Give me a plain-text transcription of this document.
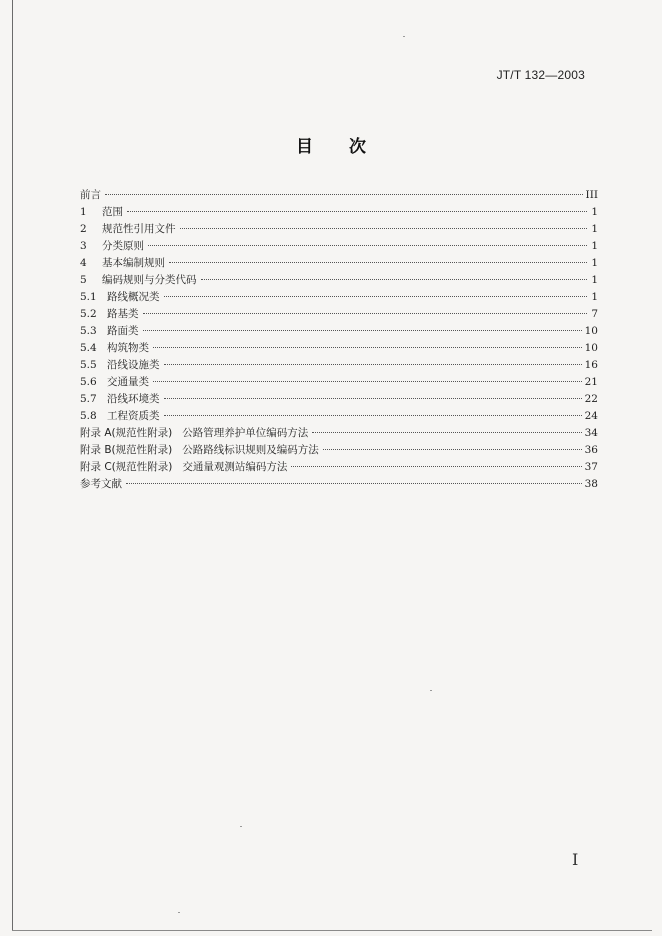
JT/T 132—2003
目次
前言	III
1	范围	1
2	规范性引用文件	1
3	分类原则	1
4	基本编制规则	1
5	编码规则与分类代码	1
5.1 路线概况类	1
5.2 路基类	7
5.3 路面类	10
5.4 构筑物类	10
5.5 沿线设施类	16
5.6 交通量类	21
5.7 沿线环境类	22
5.8 工程资质类	24
附录 A(规范性附录) 公路管理养护单位编码方法	34
附录 B(规范性附录) 公路路线标识规则及编码方法	36
附录 C(规范性附录) 交通量观测站编码方法	37
参考文献	38
I
